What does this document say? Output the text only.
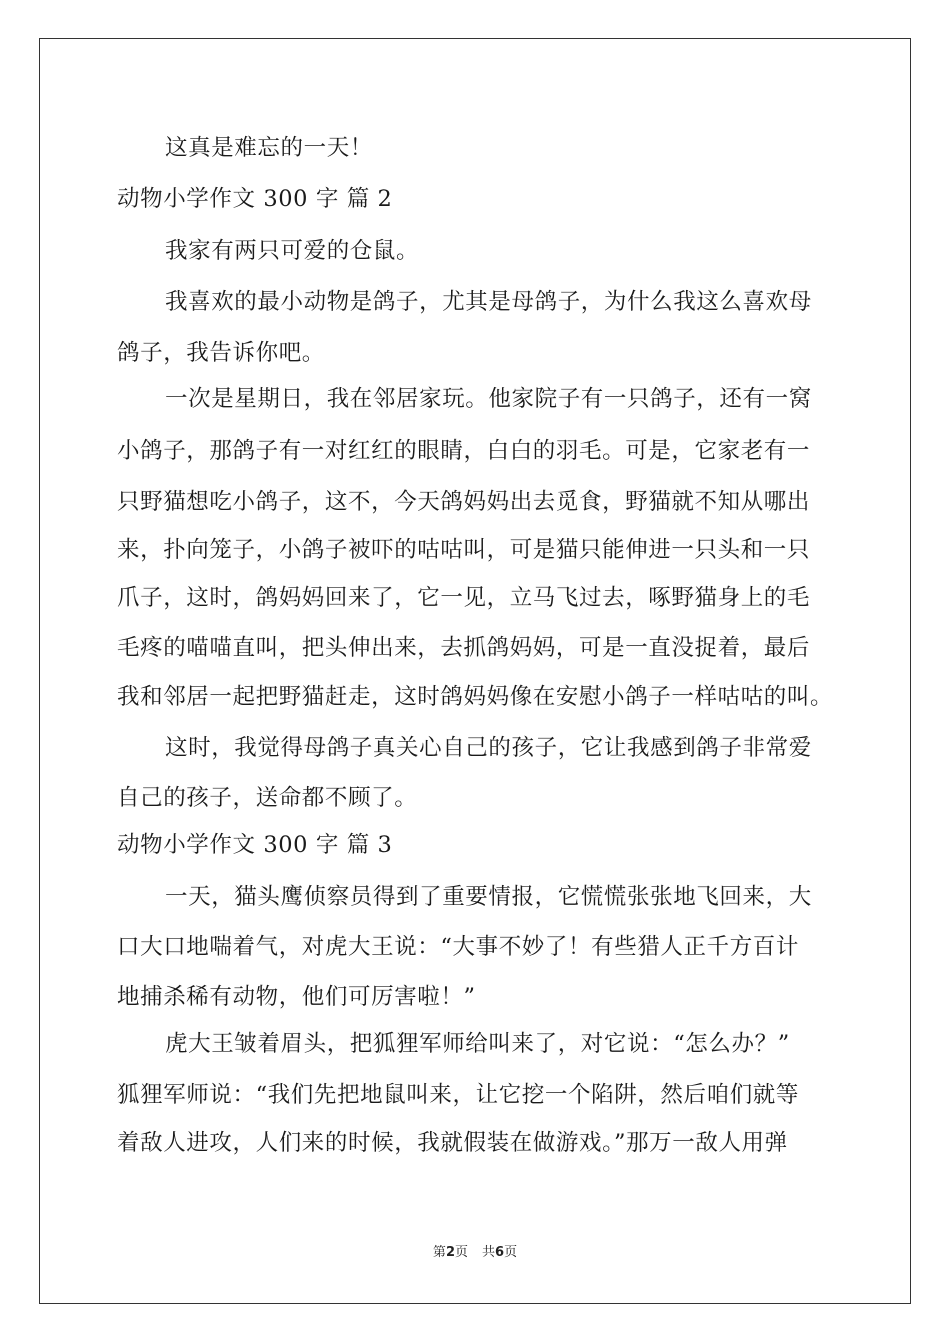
这真是难忘的一天！
动物小学作文 300 字 篇 2
我家有两只可爱的仓鼠。
我喜欢的最小动物是鸽子，尤其是母鸽子，为什么我这么喜欢母
鸽子，我告诉你吧。
一次是星期日，我在邻居家玩。他家院子有一只鸽子，还有一窝
小鸽子，那鸽子有一对红红的眼睛，白白的羽毛。可是，它家老有一
只野猫想吃小鸽子，这不，今天鸽妈妈出去觅食，野猫就不知从哪出
来，扑向笼子，小鸽子被吓的咕咕叫，可是猫只能伸进一只头和一只
爪子，这时，鸽妈妈回来了，它一见，立马飞过去，啄野猫身上的毛
毛疼的喵喵直叫，把头伸出来，去抓鸽妈妈，可是一直没捉着，最后
我和邻居一起把野猫赶走，这时鸽妈妈像在安慰小鸽子一样咕咕的叫。
这时，我觉得母鸽子真关心自己的孩子，它让我感到鸽子非常爱
自己的孩子，送命都不顾了。
动物小学作文 300 字 篇 3
一天，猫头鹰侦察员得到了重要情报，它慌慌张张地飞回来，大
口大口地喘着气，对虎大王说：“大事不妙了！有些猎人正千方百计
地捕杀稀有动物，他们可厉害啦！”
虎大王皱着眉头，把狐狸军师给叫来了，对它说：“怎么办？”
狐狸军师说：“我们先把地鼠叫来，让它挖一个陷阱，然后咱们就等
着敌人进攻，人们来的时候，我就假装在做游戏。”那万一敌人用弹
第2页 共6页
